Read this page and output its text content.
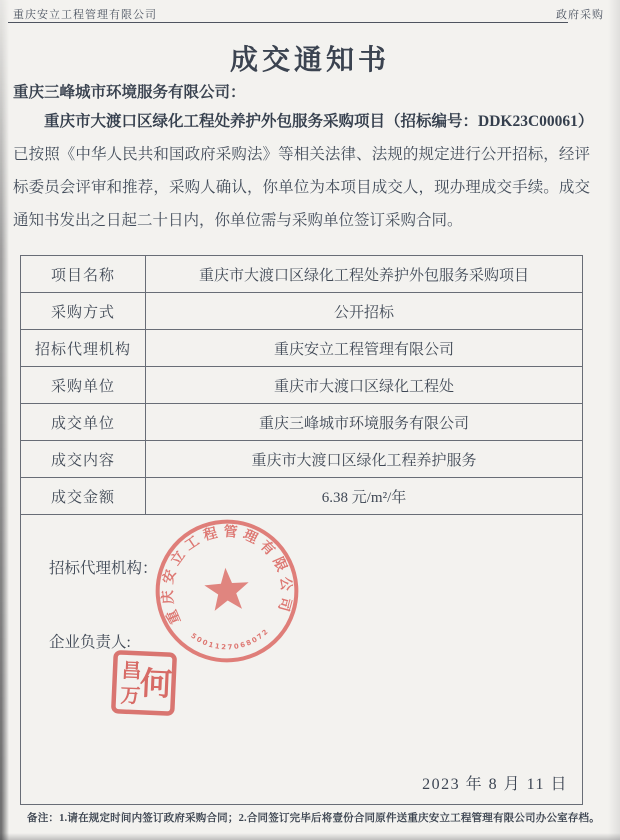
重庆安立工程管理有限公司	政府采购
成交通知书
重庆三峰城市环境服务有限公司：
重庆市大渡口区绿化工程处养护外包服务采购项目（招标编号：DDK23C00061）已按照《中华人民共和国政府采购法》等相关法律、法规的规定进行公开招标，经评标委员会评审和推荐，采购人确认，你单位为本项目成交人，现办理成交手续。成交通知书发出之日起二十日内，你单位需与采购单位签订采购合同。
项目名称	重庆市大渡口区绿化工程处养护外包服务采购项目
采购方式	公开招标
招标代理机构	重庆安立工程管理有限公司
采购单位	重庆市大渡口区绿化工程处
成交单位	重庆三峰城市环境服务有限公司
成交内容	重庆市大渡口区绿化工程养护服务
成交金额	6.38 元/m²/年
招标代理机构：
企业负责人:
重庆安立工程管理有限公司
5001127068072
何
昌
万
2023 年 8 月 11 日
备注：1.请在规定时间内签订政府采购合同；2.合同签订完毕后将壹份合同原件送重庆安立工程管理有限公司办公室存档。
